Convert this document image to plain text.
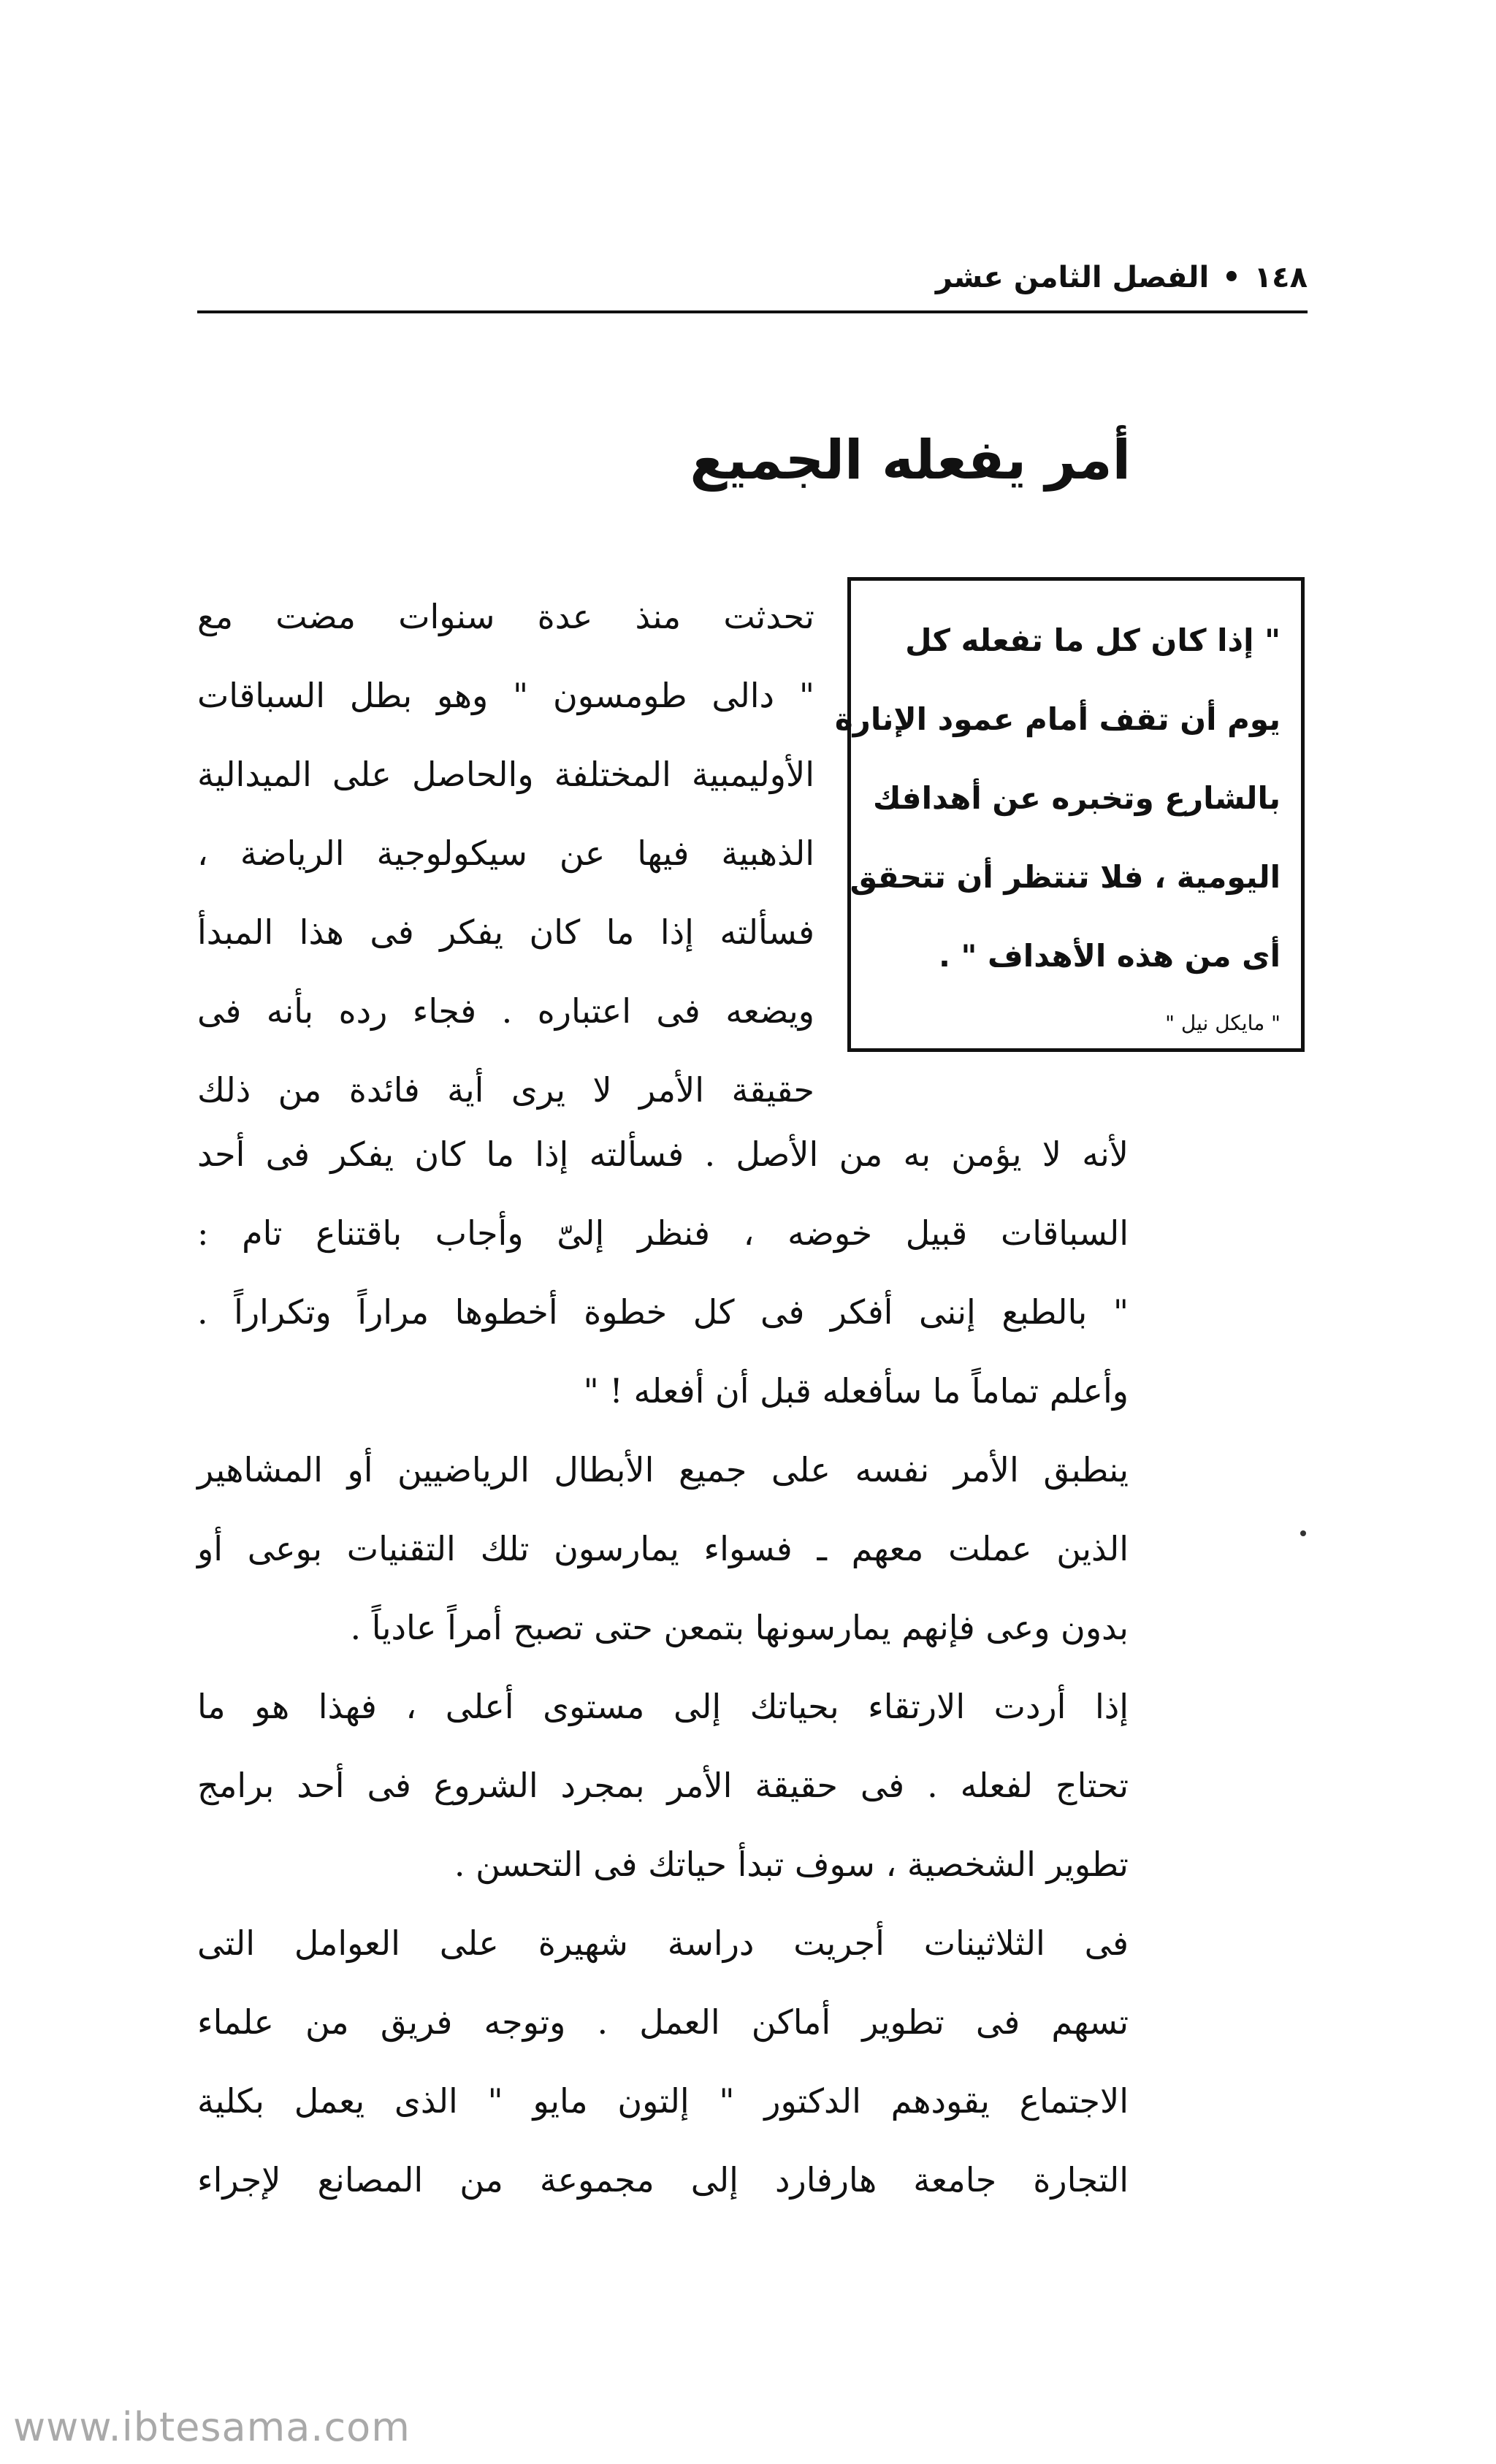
١٤٨•الفصل الثامن عشر
أمر يفعله الجميع
" إذا كان كل ما تفعله كل
يوم أن تقف أمام عمود الإنارة
بالشارع وتخبره عن أهدافك
اليومية ، فلا تنتظر أن تتحقق
أى من هذه الأهداف " .
" مايكل نيل "
تحدثت منذ عدة سنوات مضت مع
" دالى طومسون " وهو بطل السباقات
الأوليمبية المختلفة والحاصل على الميدالية
الذهبية فيها عن سيكولوجية الرياضة ،
فسألته إذا ما كان يفكر فى هذا المبدأ
ويضعه فى اعتباره . فجاء رده بأنه فى
حقيقة الأمر لا يرى أية فائدة من ذلك
لأنه لا يؤمن به من الأصل . فسألته إذا ما كان يفكر فى أحد
السباقات قبيل خوضه ، فنظر إلىّ وأجاب باقتناع تام :
" بالطبع إننى أفكر فى كل خطوة أخطوها مراراً وتكراراً .
وأعلم تماماً ما سأفعله قبل أن أفعله ! "
ينطبق الأمر نفسه على جميع الأبطال الرياضيين أو المشاهير
الذين عملت معهم ـ فسواء يمارسون تلك التقنيات بوعى أو
بدون وعى فإنهم يمارسونها بتمعن حتى تصبح أمراً عادياً .
إذا أردت الارتقاء بحياتك إلى مستوى أعلى ، فهذا هو ما
تحتاج لفعله . فى حقيقة الأمر بمجرد الشروع فى أحد برامج
تطوير الشخصية ، سوف تبدأ حياتك فى التحسن .
فى الثلاثينات أجريت دراسة شهيرة على العوامل التى
تسهم فى تطوير أماكن العمل . وتوجه فريق من علماء
الاجتماع يقودهم الدكتور " إلتون مايو " الذى يعمل بكلية
التجارة جامعة هارفارد إلى مجموعة من المصانع لإجراء
www.ibtesama.com
